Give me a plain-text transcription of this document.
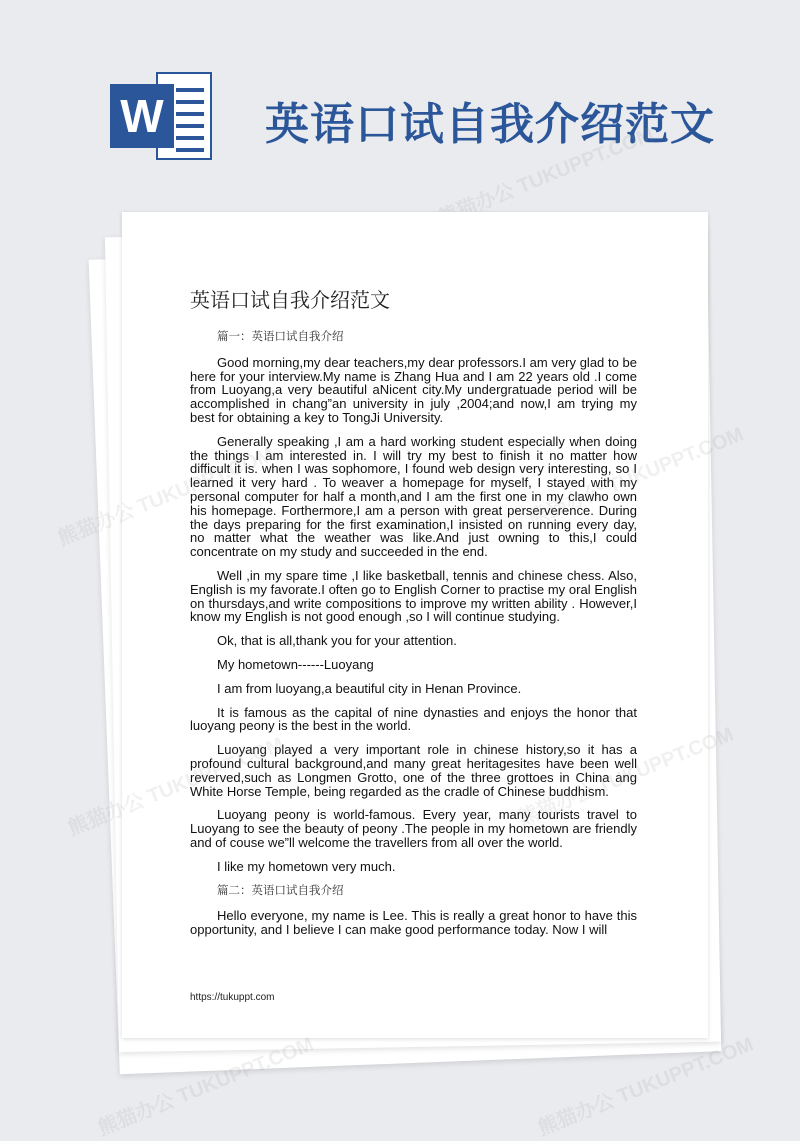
W 英语口试自我介绍范文
熊猫办公 TUKUPPT.COM
英语口试自我介绍范文

篇一：英语口试自我介绍

Good morning,my dear teachers,my dear professors.I am very glad to be here for your interview.My name is Zhang Hua and I am 22 years old .I come from Luoyang,a very beautiful aNicent city.My undergratuade period will be accomplished in chang”an university in july ,2004;and now,I am trying my best for obtaining a key to TongJi University.

Generally speaking ,I am a hard working student especially when doing the things I am interested in. I will try my best to finish it no matter how difficult it is. when I was sophomore, I found web design very interesting, so I learned it very hard . To weaver a homepage for myself, I stayed with my personal computer for half a month,and I am the first one in my clawho own his homepage. Forthermore,I am a person with great perserverence. During the days preparing for the first examination,I insisted on running every day, no matter what the weather was like.And just owning to this,I could concentrate on my study and succeeded in the end.

Well ,in my spare time ,I like basketball, tennis and chinese chess. Also, English is my favorate.I often go to English Corner to practise my oral English on thursdays,and write compositions to improve my written ability . However,I know my English is not good enough ,so I will continue studying.

Ok, that is all,thank you for your attention.

My hometown------Luoyang

I am from luoyang,a beautiful city in Henan Province.

It is famous as the capital of nine dynasties and enjoys the honor that luoyang peony is the best in the world.

Luoyang played a very important role in chinese history,so it has a profound cultural background,and many great heritagesites have been well reverved,such as Longmen Grotto, one of the three grottoes in China ang White Horse Temple, being regarded as the cradle of Chinese buddhism.

Luoyang peony is world-famous. Every year, many tourists travel to Luoyang to see the beauty of peony .The people in my hometown are friendly and of couse we”ll welcome the travellers from all over the world.

I like my hometown very much.

篇二：英语口试自我介绍

Hello everyone, my name is Lee. This is really a great honor to have this opportunity, and I believe I can make good performance today. Now I will

https://tukuppt.com
熊猫办公
熊猫办公
熊猫办公 TUKUPPT.COM	熊猫办公 TUKUPPT.COM
